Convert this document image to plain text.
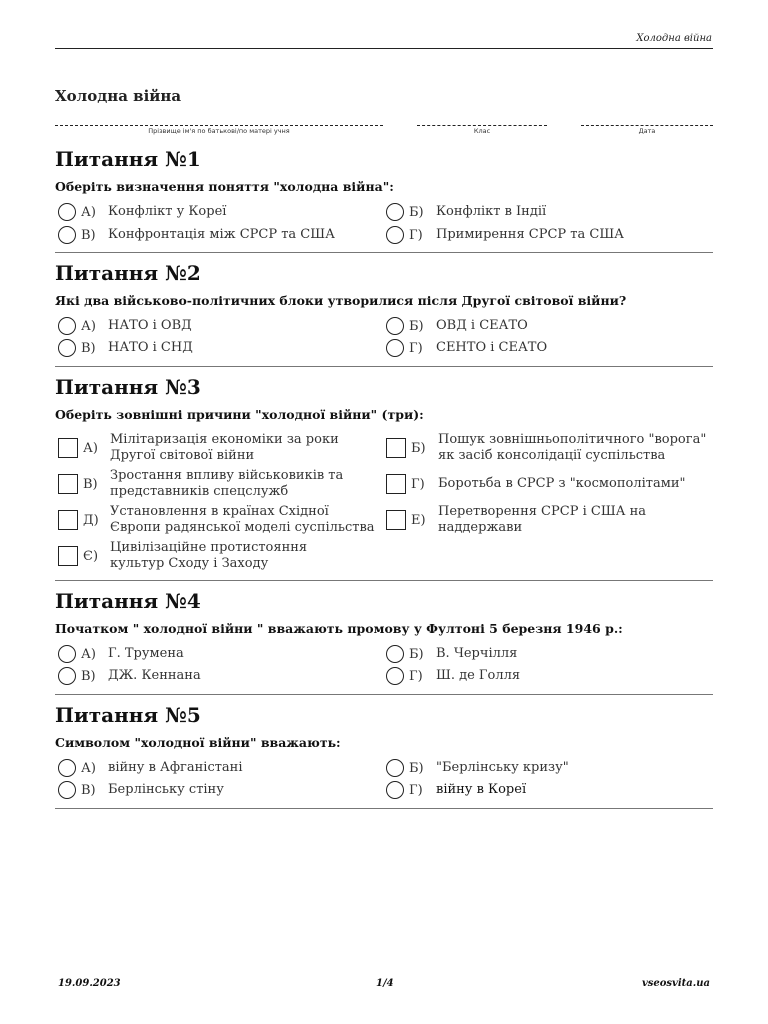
Холодна війна
Холодна війна
Прізвище ім'я по батькові/по матері учня	Клас	Дата
Питання №1
Оберіть визначення поняття "холодна війна":
А) Конфлікт у Кореї	Б) Конфлікт в Індії
В) Конфронтація між СРСР та США	Г)	Примирення СРСР та США
Питання №2
Які два військово-політичних блоки утворилися після Другої світової війни?
А) НАТО і ОВД	Б) ОВД і СЕАТО
В) НАТО і СНД	Г)	СЕНТО і СЕАТО
Питання №3
Оберіть зовнішні причини "холодної війни" (три):
А)
Мілітаризація економіки за роки Другої світової війни	Б)
Пошук зовнішньополітичного "ворога" як засіб консолідації суспільства
В)
Зростання впливу військовиків та представників спецслужб	Г)	Боротьба в СРСР з "космополітами"
Д)
Установлення в країнах Східної Європи радянської моделі суспільства	Е)
Перетворення СРСР і США на наддержави
Є)
Цивілізаційне протистояння культур Сходу і Заходу
Питання №4
Початком " холодної війни " вважають промову у Фултоні 5 березня 1946 р.:
А) Г. Трумена	Б) В. Черчілля
В) ДЖ. Кеннана	Г)	Ш. де Голля
Питання №5
Символом "холодної війни" вважають:
А) війну в Афганістані	Б) "Берлінську кризу"
В) Берлінську стіну	Г)	війну в Кореї
19.09.2023	1/4	vseosvita.ua
